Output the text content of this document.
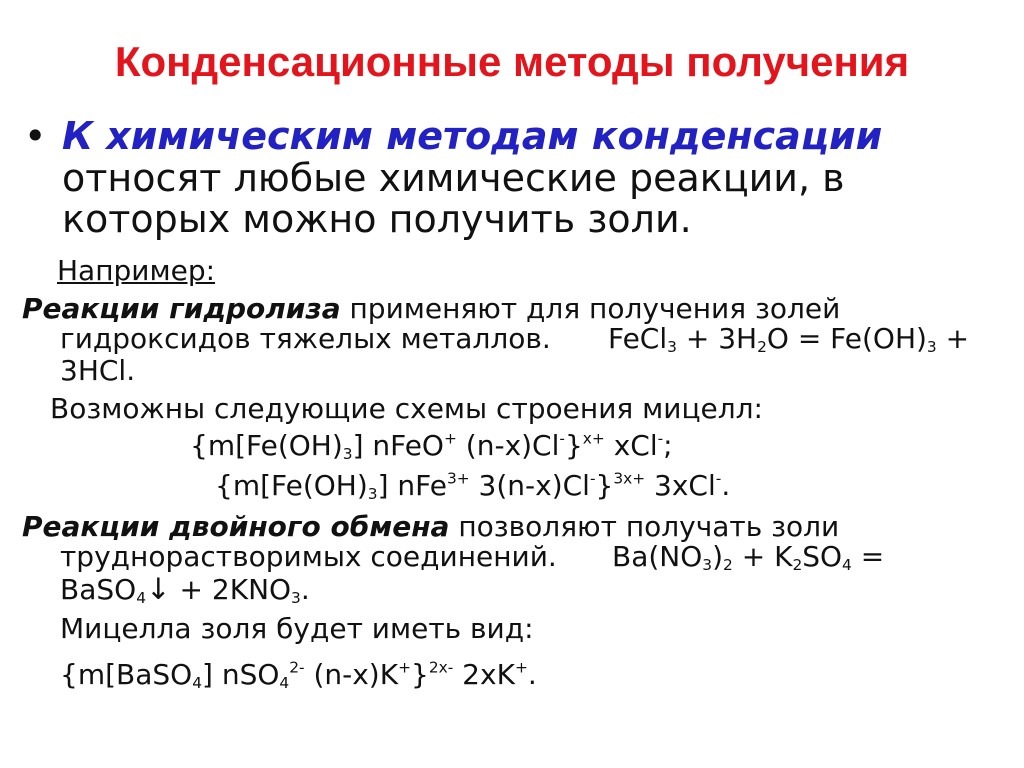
Конденсационные методы получения
• К химическим методам конденсации
относят любые химические реакции, в
которых можно получить золи.
Например:
Реакции гидролиза применяют для получения золей
гидроксидов тяжелых металлов. FeCl$_3$ + $3H_2O = Fe(OH)_3$ +
3HCl.
Возможны следующие схемы строения мицелл:
{$m[Fe(OH)_3]$ nFeO+ (n-x)Cl-}$^{x+}$ xCl-;
{$m[Fe(OH)_3]$ nFe$^{3+}$ 3(n-x)Cl-}$^{3x+}$ 3xCl-.
Реакции двойного обмена позволяют получать золи
труднорастворимых соединений. $Ba(NO_3)_2 + K_2SO_4$ =
BaSO$_4$↓ + $2KNO_3$.
Мицелла золя будет иметь вид:
{m[BaSO$_4$] nSO$_4^{2-}$ (n-x)K+}$^{2x-}$ 2xK+.
